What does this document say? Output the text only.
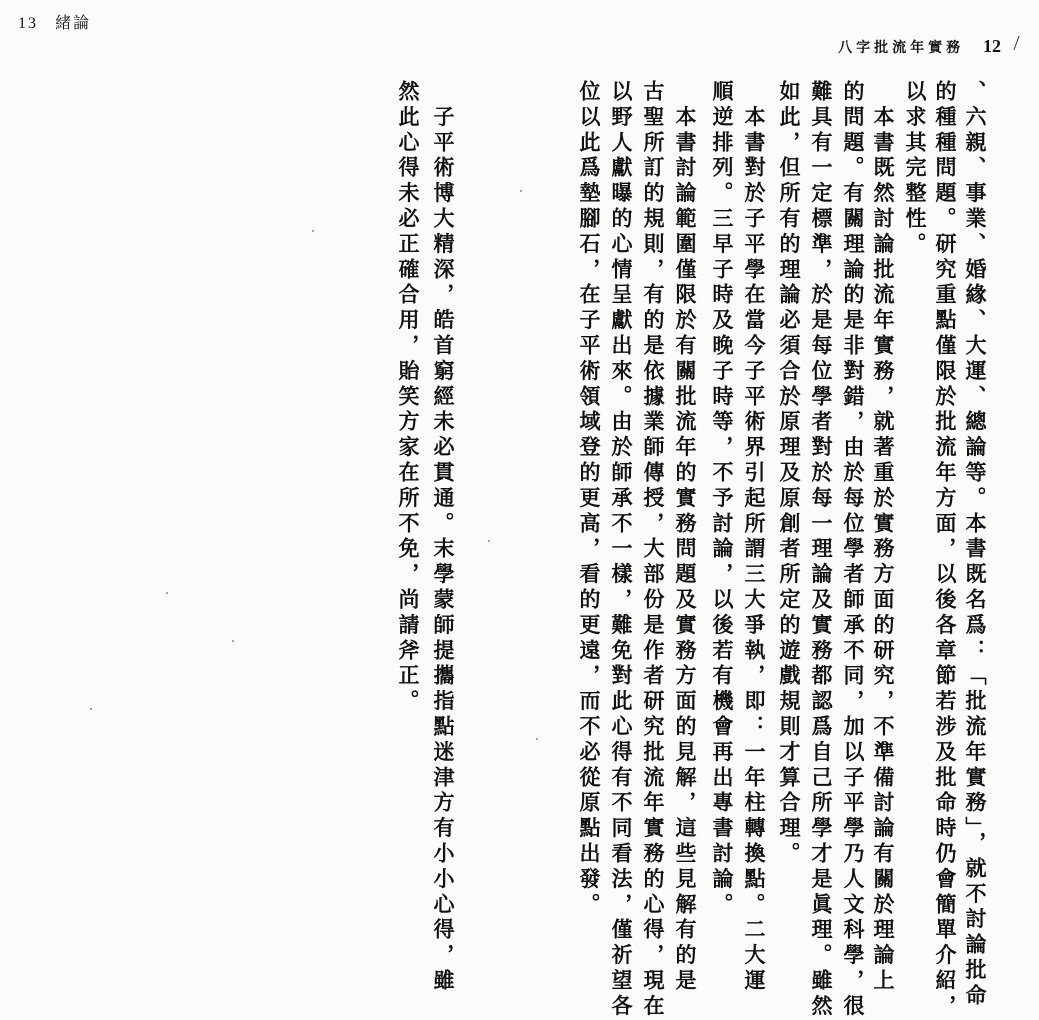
13 緒論
八字批流年實務 12
、六親、事業、婚緣、大運、總論等。本書既名爲：「批流年實務」，就不討論批命
的種種問題。研究重點僅限於批流年方面，以後各章節若涉及批命時仍會簡單介紹，
以求其完整性。
　本書既然討論批流年實務，就著重於實務方面的研究，不準備討論有關於理論上
的問題。有關理論的是非對錯，由於每位學者師承不同，加以子平學乃人文科學，很
難具有一定標準，於是每位學者對於每一理論及實務都認爲自己所學才是眞理。雖然
如此，但所有的理論必須合於原理及原創者所定的遊戲規則才算合理。
　本書對於子平學在當今子平術界引起所謂三大爭執，即：一年柱轉換點。二大運
順逆排列。三早子時及晚子時等，不予討論，以後若有機會再出專書討論。
　本書討論範圍僅限於有關批流年的實務問題及實務方面的見解，這些見解有的是
古聖所訂的規則，有的是依據業師傳授，大部份是作者研究批流年實務的心得，現在
以野人獻曝的心情呈獻出來。由於師承不一樣，難免對此心得有不同看法，僅祈望各
位以此爲墊腳石，在子平術領域登的更高，看的更遠，而不必從原點出發。
　子平術博大精深，皓首窮經未必貫通。末學蒙師提攜指點迷津方有小小心得，雖
然此心得未必正確合用，貽笑方家在所不免，尚請斧正。
